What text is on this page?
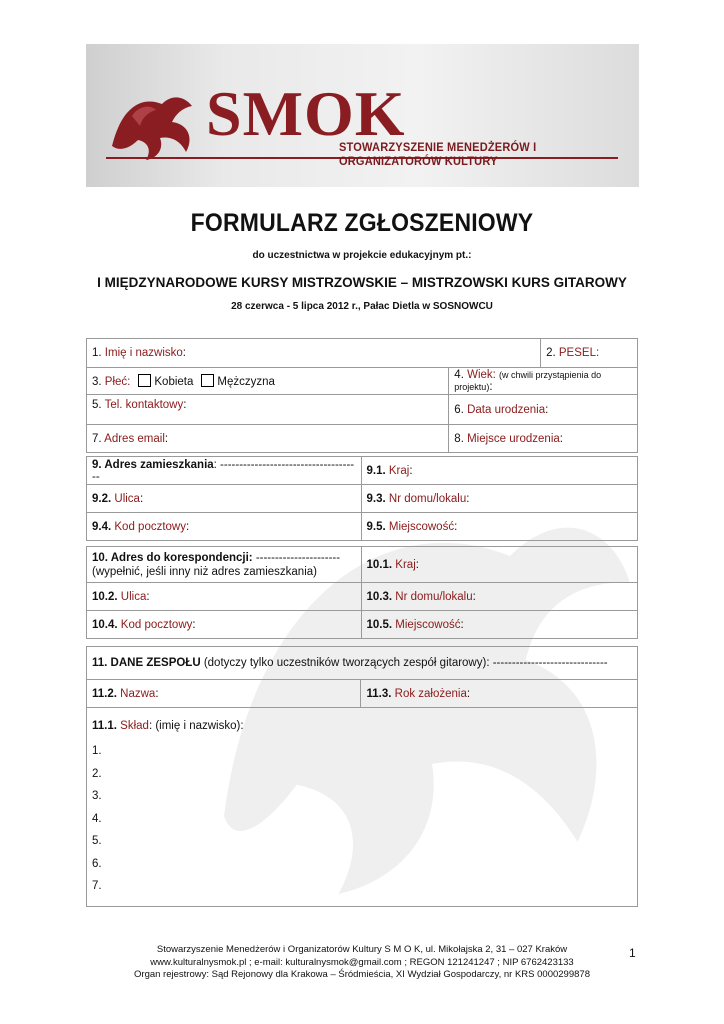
SMOK
STOWARZYSZENIE MENEDŻERÓW I ORGANIZATORÓW KULTURY
FORMULARZ ZGŁOSZENIOWY
do uczestnictwa w projekcie edukacyjnym pt.:
I MIĘDZYNARODOWE KURSY MISTRZOWSKIE – MISTRZOWSKI KURS GITAROWY
28 czerwca - 5 lipca 2012 r., Pałac Dietla w SOSNOWCU
1. Imię i nazwisko:		2. PESEL:
3. Płeć: Kobieta Mężczyzna	4. Wiek: (w chwili przystąpienia do projektu):	
5. Tel. kontaktowy:	6. Data urodzenia:	
7. Adres email:	8. Miejsce urodzenia:	
9. Adres zamieszkania: -------------------------------------	9.1. Kraj:
9.2. Ulica:	9.3. Nr domu/lokalu:
9.4. Kod pocztowy:	9.5. Miejscowość:
10. Adres do korespondencji: ----------------------
(wypełnić, jeśli inny niż adres zamieszkania)	10.1. Kraj:
10.2. Ulica:	10.3. Nr domu/lokalu:
10.4. Kod pocztowy:	10.5. Miejscowość:
11. DANE ZESPOŁU (dotyczy tylko uczestników tworzących zespół gitarowy): ------------------------------
11.2. Nazwa:	11.3. Rok założenia:

11.1. Skład: (imię i nazwisko):
1.
2.
3.
4.
5.
6.
7.
Stowarzyszenie Menedżerów i Organizatorów Kultury S M O K, ul. Mikołajska 2, 31 – 027 Kraków
www.kulturalnysmok.pl ; e-mail: kulturalnysmok@gmail.com ; REGON 121241247 ; NIP 6762423133
Organ rejestrowy: Sąd Rejonowy dla Krakowa – Śródmieścia, XI Wydział Gospodarczy, nr KRS 0000299878
1
